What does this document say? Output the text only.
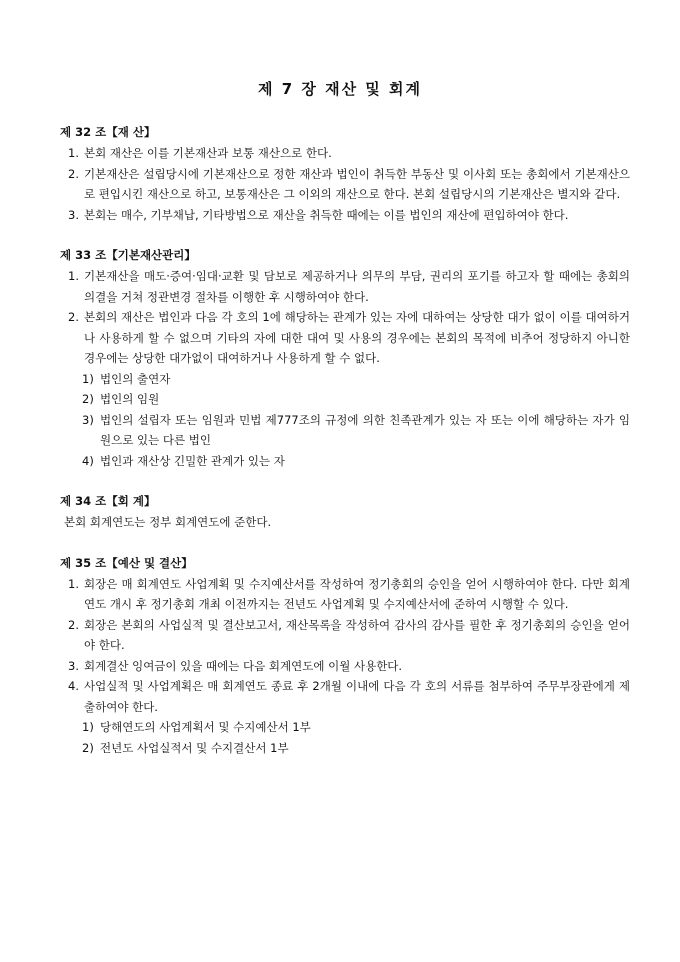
제 7 장 재산 및 회계
제 32 조【재 산】
1. 본회 재산은 이를 기본재산과 보통 재산으로 한다.
2. 기본재산은 설립당시에 기본재산으로 정한 재산과 법인이 취득한 부동산 및 이사회 또는 총회에서 기본재산으로 편입시킨 재산으로 하고, 보통재산은 그 이외의 재산으로 한다. 본회 설립당시의 기본재산은 별지와 같다.
3. 본회는 매수, 기부채납, 기타방법으로 재산을 취득한 때에는 이를 법인의 재산에 편입하여야 한다.
제 33 조【기본재산관리】
1. 기본재산을 매도·증여·임대·교환 및 담보로 제공하거나 의무의 부담, 권리의 포기를 하고자 할 때에는 총회의 의결을 거쳐 정관변경 절차를 이행한 후 시행하여야 한다.
2. 본회의 재산은 법인과 다음 각 호의 1에 해당하는 관계가 있는 자에 대하여는 상당한 대가 없이 이를 대여하거나 사용하게 할 수 없으며 기타의 자에 대한 대여 및 사용의 경우에는 본회의 목적에 비추어 정당하지 아니한 경우에는 상당한 대가없이 대여하거나 사용하게 할 수 없다.
1) 법인의 출연자
2) 법인의 임원
3) 법인의 설립자 또는 임원과 민법 제777조의 규정에 의한 친족관계가 있는 자 또는 이에 해당하는 자가 임원으로 있는 다른 법인
4) 법인과 재산상 긴밀한 관계가 있는 자
제 34 조【회 계】
본회 회계연도는 정부 회계연도에 준한다.
제 35 조【예산 및 결산】
1. 회장은 매 회계연도 사업계획 및 수지예산서를 작성하여 정기총회의 승인을 얻어 시행하여야 한다. 다만 회계연도 개시 후 정기총회 개최 이전까지는 전년도 사업계획 및 수지예산서에 준하여 시행할 수 있다.
2. 회장은 본회의 사업실적 및 결산보고서, 재산목록을 작성하여 감사의 감사를 필한 후 정기총회의 승인을 얻어야 한다.
3. 회계결산 잉여금이 있을 때에는 다음 회계연도에 이월 사용한다.
4. 사업실적 및 사업계획은 매 회계연도 종료 후 2개월 이내에 다음 각 호의 서류를 첨부하여 주무부장관에게 제출하여야 한다.
1) 당해연도의 사업계획서 및 수지예산서 1부
2) 전년도 사업실적서 및 수지결산서 1부
